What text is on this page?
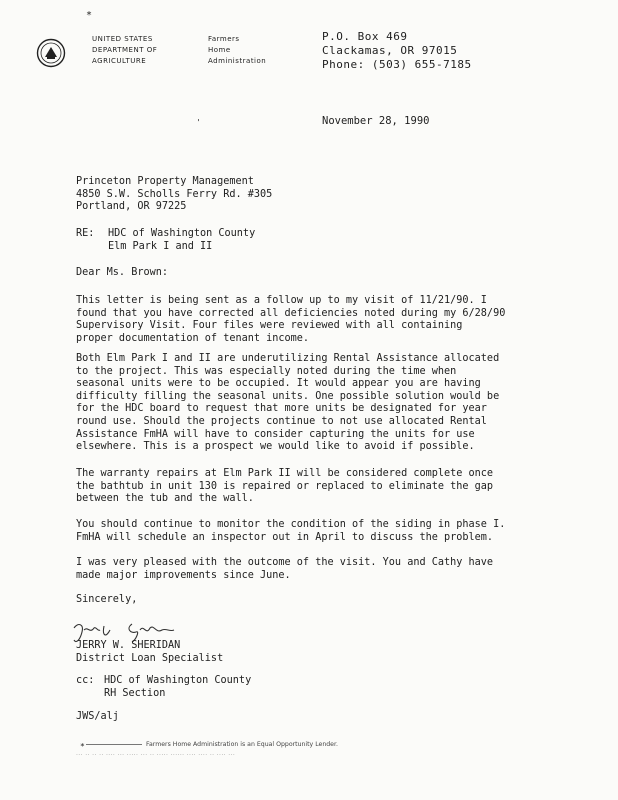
*
UNITED STATES
DEPARTMENT OF
AGRICULTURE
Farmers
Home
Administration
P.O. Box 469
Clackamas, OR 97015
Phone: (503) 655-7185
'	November 28, 1990
Princeton Property Management
4850 S.W. Scholls Ferry Rd. #305
Portland, OR 97225
RE: HDC of Washington County
Elm Park I and II
Dear Ms. Brown:
This letter is being sent as a follow up to my visit of 11/21/90. I
found that you have corrected all deficiencies noted during my 6/28/90
Supervisory Visit. Four files were reviewed with all containing
proper documentation of tenant income.
Both Elm Park I and II are underutilizing Rental Assistance allocated
to the project. This was especially noted during the time when
seasonal units were to be occupied. It would appear you are having
difficulty filling the seasonal units. One possible solution would be
for the HDC board to request that more units be designated for year
round use. Should the projects continue to not use allocated Rental
Assistance FmHA will have to consider capturing the units for use
elsewhere. This is a prospect we would like to avoid if possible.
The warranty repairs at Elm Park II will be considered complete once
the bathtub in unit 130 is repaired or replaced to eliminate the gap
between the tub and the wall.
You should continue to monitor the condition of the siding in phase I.
FmHA will schedule an inspector out in April to discuss the problem.
I was very pleased with the outcome of the visit. You and Cathy have
made major improvements since June.
Sincerely,
JERRY W. SHERIDAN
District Loan Specialist
cc: HDC of Washington County
RH Section
JWS/alj
*	Farmers Home Administration is an Equal Opportunity Lender.
··· ·· ·· ·· ···· ··· ····· ··· ·· ····· ······ ···· ···· ·· ···· ···
